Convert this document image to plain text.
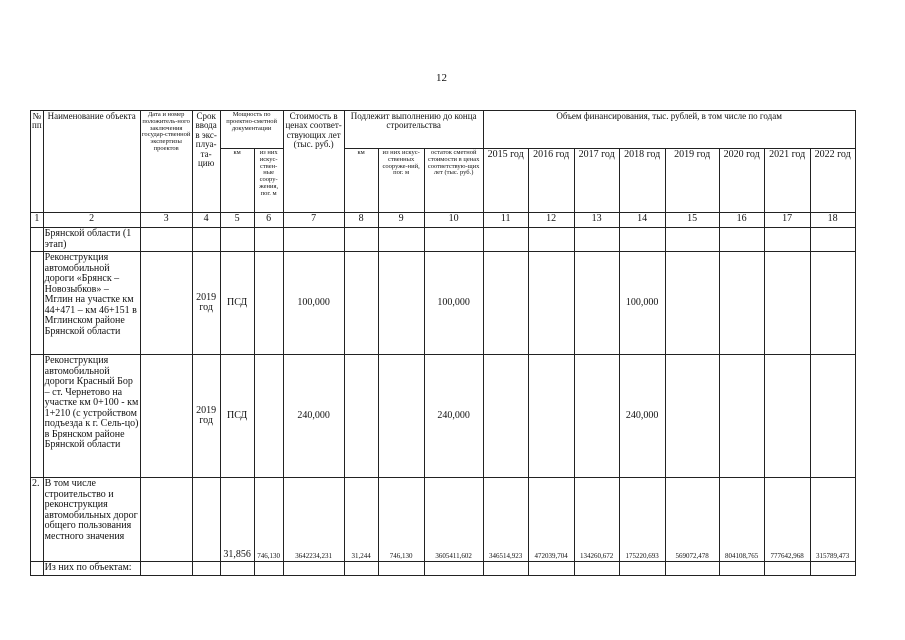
12
№ пп	Наименование объекта	Дата и номер положитель-ного заключения государ-ственной экспертизы проектов	Срок ввода в экс-плуа-та-цию	Мощность по проектно-сметной документации		Стоимость в ценах соответ-ствующих лет (тыс. руб.)	Подлежит выполнению до конца строительства			Объем финансирования, тыс. рублей, в том числе по годам							
				км	из них искус-ствен-ные соору-жения, пог. м		км	из них искус-ственных сооруже-ний, пог. м	остаток сметной стоимости в ценах соответствую-щих лет (тыс. руб.)	2015 год	2016 год	2017 год	2018 год	2019 год	2020 год	2021 год	2022 год
1	2	3	4	5	6	7	8	9	10	11	12	13	14	15	16	17	18
	Брянской области (1 этап)																
	Реконструкция автомобильной дороги «Брянск – Новозыбков» – Мглин на участке км 44+471 – км 46+151 в Мглинском районе Брянской области		2019 год	ПСД		100,000			100,000				100,000				
	Реконструкция автомобильной дороги Красный Бор – ст. Чернетово на участке км 0+100 - км 1+210 (с устройством подъезда к г. Сель-цо) в Брянском районе Брянской области		2019 год	ПСД		240,000			240,000				240,000				
2.	В том числе строительство и реконструкция автомобильных дорог общего пользования местного значения			31,856	746,130	3642234,231	31,244	746,130	3605411,602	346514,923	472039,704	134260,672	175220,693	569072,478	804108,765	777642,968	315789,473
	Из них по объектам:																
